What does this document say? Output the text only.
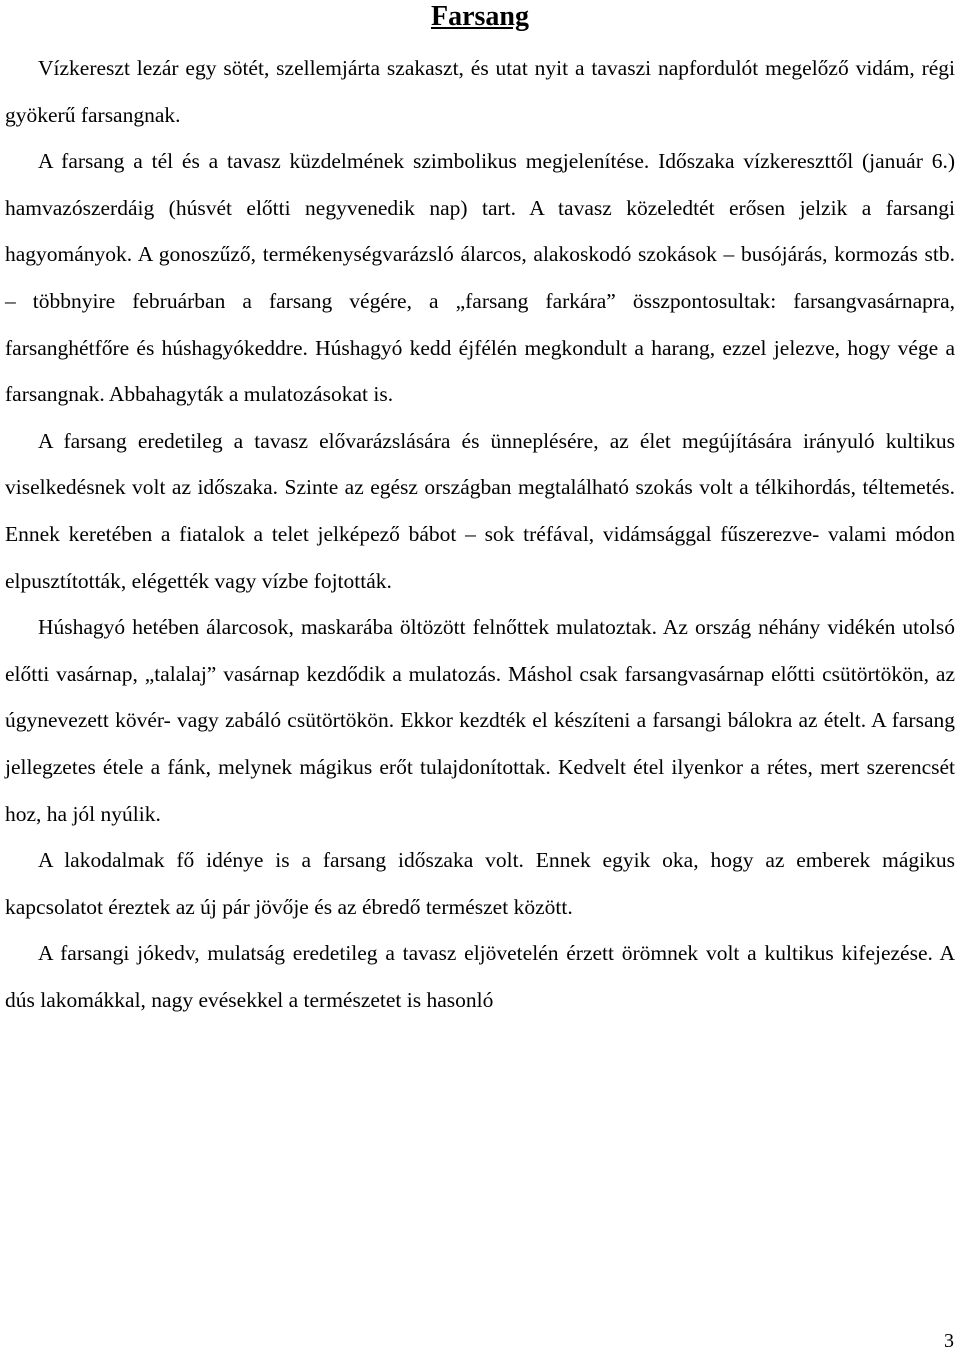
Farsang

Vízkereszt lezár egy sötét, szellemjárta szakaszt, és utat nyit a tavaszi napfordulót megelőző vidám, régi gyökerű farsangnak.

A farsang a tél és a tavasz küzdelmének szimbolikus megjelenítése. Időszaka vízkereszttől (január 6.) hamvazószerdáig (húsvét előtti negyvenedik nap) tart. A tavasz közeledtét erősen jelzik a farsangi hagyományok. A gonoszűző, termékenységvarázsló álarcos, alakoskodó szokások – busójárás, kormozás stb. – többnyire februárban a farsang végére, a „farsang farkára” összpontosultak: farsangvasárnapra, farsanghétfőre és húshagyókeddre. Húshagyó kedd éjfélén megkondult a harang, ezzel jelezve, hogy vége a farsangnak. Abbahagyták a mulatozásokat is.

A farsang eredetileg a tavasz elővarázslására és ünneplésére, az élet megújítására irányuló kultikus viselkedésnek volt az időszaka. Szinte az egész országban megtalálható szokás volt a télkihordás, téltemetés. Ennek keretében a fiatalok a telet jelképező bábot – sok tréfával, vidámsággal fűszerezve- valami módon elpusztították, elégették vagy vízbe fojtották.

Húshagyó hetében álarcosok, maskarába öltözött felnőttek mulatoztak. Az ország néhány vidékén utolsó előtti vasárnap, „talalaj” vasárnap kezdődik a mulatozás. Máshol csak farsangvasárnap előtti csütörtökön, az úgynevezett kövér- vagy zabáló csütörtökön. Ekkor kezdték el készíteni a farsangi bálokra az ételt. A farsang jellegzetes étele a fánk, melynek mágikus erőt tulajdonítottak. Kedvelt étel ilyenkor a rétes, mert szerencsét hoz, ha jól nyúlik.

A lakodalmak fő idénye is a farsang időszaka volt. Ennek egyik oka, hogy az emberek mágikus kapcsolatot éreztek az új pár jövője és az ébredő természet között.

A farsangi jókedv, mulatság eredetileg a tavasz eljövetelén érzett örömnek volt a kultikus kifejezése. A dús lakomákkal, nagy evésekkel a természetet is hasonló

3
